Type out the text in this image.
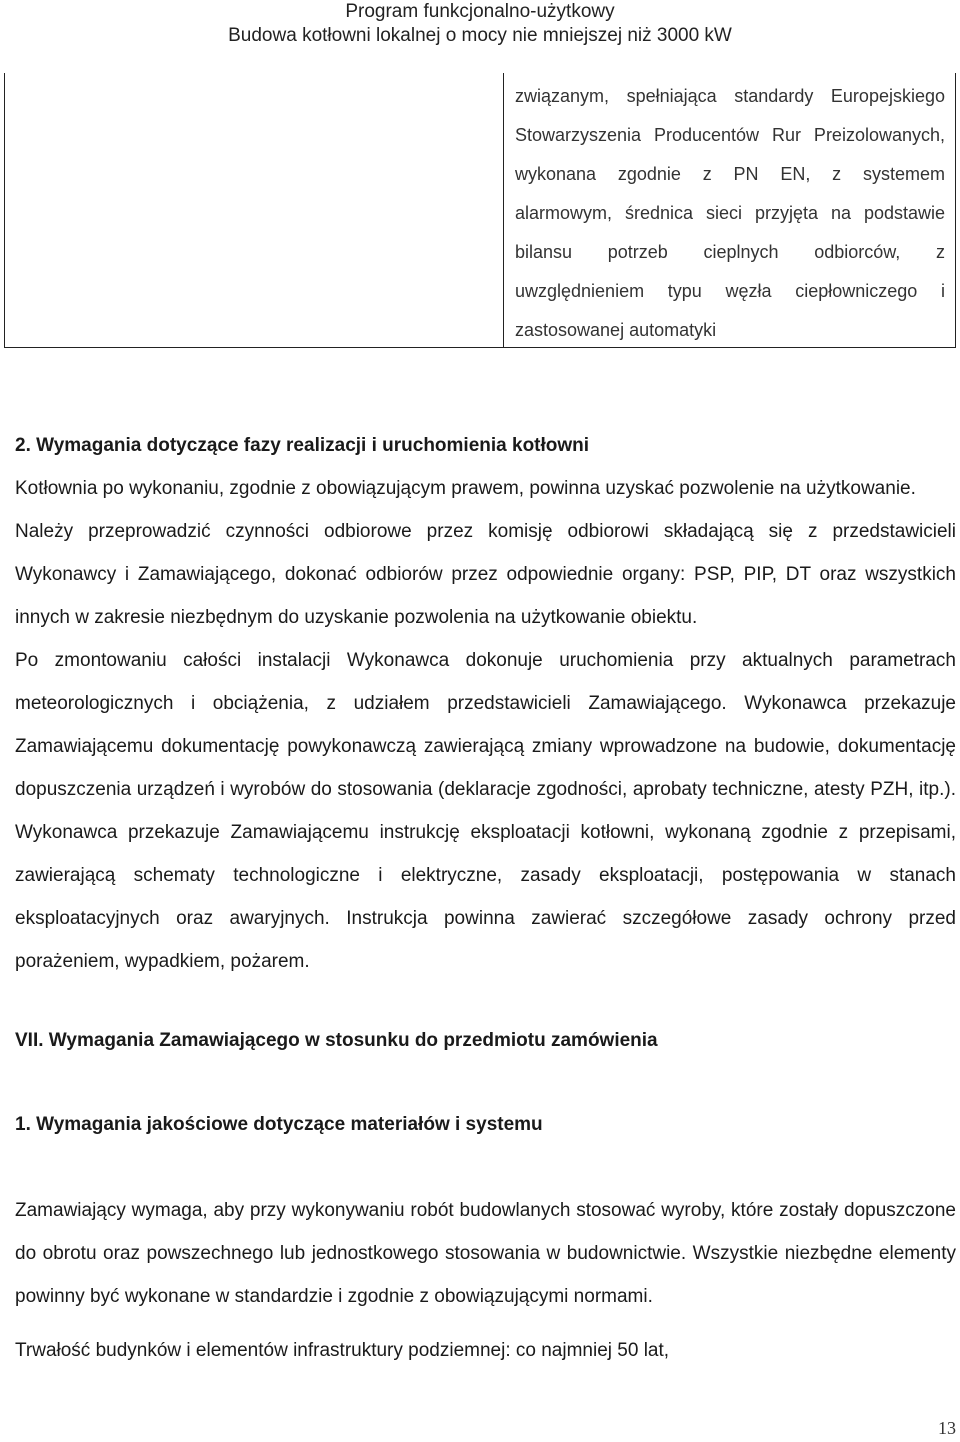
Program funkcjonalno-użytkowy
Budowa kotłowni lokalnej o mocy nie mniejszej niż 3000 kW
związanym, spełniająca standardy Europejskiego Stowarzyszenia Producentów Rur Preizolowanych, wykonana zgodnie z PN EN, z systemem alarmowym, średnica sieci przyjęta na podstawie bilansu potrzeb cieplnych odbiorców, z uwzględnieniem typu węzła ciepłowniczego i zastosowanej automatyki
2. Wymagania dotyczące fazy realizacji i uruchomienia kotłowni

Kotłownia po wykonaniu, zgodnie z obowiązującym prawem, powinna uzyskać pozwolenie na użytkowanie.

Należy przeprowadzić czynności odbiorowe przez komisję odbiorowi składającą się z przedstawicieli Wykonawcy i Zamawiającego, dokonać odbiorów przez odpowiednie organy: PSP, PIP, DT oraz wszystkich innych w zakresie niezbędnym do uzyskanie pozwolenia na użytkowanie obiektu.

Po zmontowaniu całości instalacji Wykonawca dokonuje uruchomienia przy aktualnych parametrach meteorologicznych i obciążenia, z udziałem przedstawicieli Zamawiającego. Wykonawca przekazuje Zamawiającemu dokumentację powykonawczą zawierającą zmiany wprowadzone na budowie, dokumentację dopuszczenia urządzeń i wyrobów do stosowania (deklaracje zgodności, aprobaty techniczne, atesty PZH, itp.). Wykonawca przekazuje Zamawiającemu instrukcję eksploatacji kotłowni, wykonaną zgodnie z przepisami, zawierającą schematy technologiczne i elektryczne, zasady eksploatacji, postępowania w stanach eksploatacyjnych oraz awaryjnych. Instrukcja powinna zawierać szczegółowe zasady ochrony przed porażeniem, wypadkiem, pożarem.

VII. Wymagania Zamawiającego w stosunku do przedmiotu zamówienia
1. Wymagania jakościowe dotyczące materiałów i systemu

Zamawiający wymaga, aby przy wykonywaniu robót budowlanych stosować wyroby, które zostały dopuszczone do obrotu oraz powszechnego lub jednostkowego stosowania w budownictwie. Wszystkie niezbędne elementy powinny być wykonane w standardzie i zgodnie z obowiązującymi normami.

Trwałość budynków i elementów infrastruktury podziemnej: co najmniej 50 lat,

13
